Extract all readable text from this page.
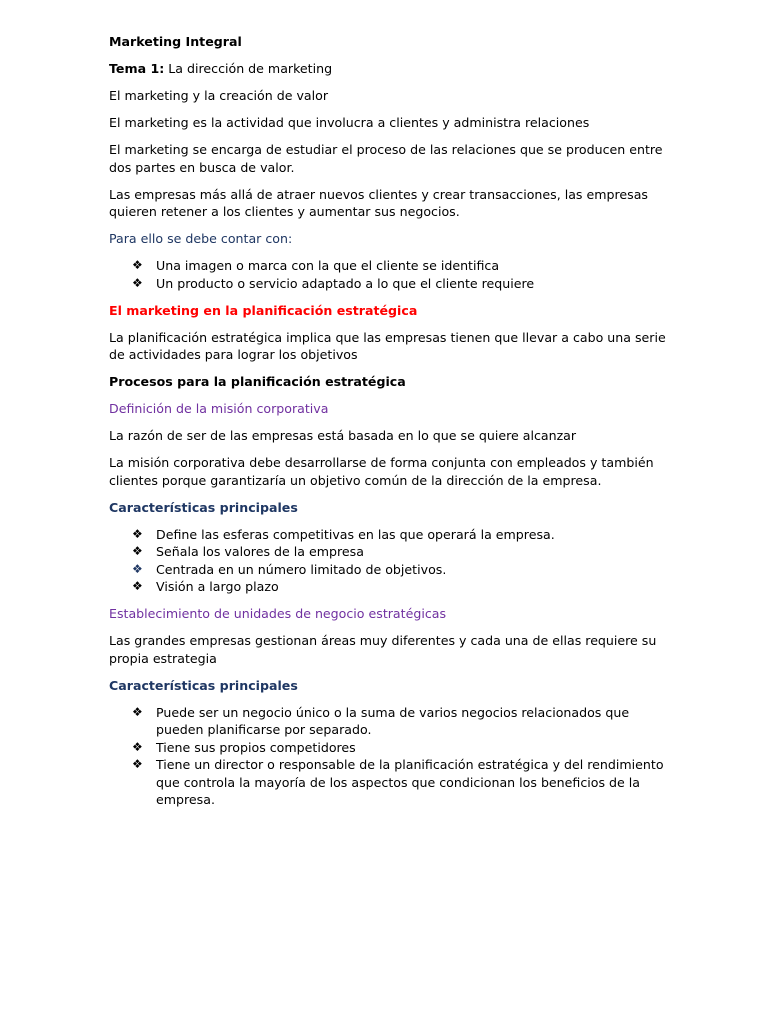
Marketing Integral

Tema 1: La dirección de marketing

El marketing y la creación de valor

El marketing es la actividad que involucra a clientes y administra relaciones

El marketing se encarga de estudiar el proceso de las relaciones que se producen entre dos partes en busca de valor.

Las empresas más allá de atraer nuevos clientes y crear transacciones, las empresas quieren retener a los clientes y aumentar sus negocios.

Para ello se debe contar con:

❖ Una imagen o marca con la que el cliente se identifica
❖ Un producto o servicio adaptado a lo que el cliente requiere

El marketing en la planificación estratégica

La planificación estratégica implica que las empresas tienen que llevar a cabo una serie de actividades para lograr los objetivos

Procesos para la planificación estratégica

Definición de la misión corporativa

La razón de ser de las empresas está basada en lo que se quiere alcanzar

La misión corporativa debe desarrollarse de forma conjunta con empleados y también clientes porque garantizaría un objetivo común de la dirección de la empresa.

Características principales

❖ Define las esferas competitivas en las que operará la empresa.
❖ Señala los valores de la empresa
❖ Centrada en un número limitado de objetivos.
❖ Visión a largo plazo

Establecimiento de unidades de negocio estratégicas

Las grandes empresas gestionan áreas muy diferentes y cada una de ellas requiere su propia estrategia

Características principales

❖ Puede ser un negocio único o la suma de varios negocios relacionados que pueden planificarse por separado.
❖ Tiene sus propios competidores
❖ Tiene un director o responsable de la planificación estratégica y del rendimiento que controla la mayoría de los aspectos que condicionan los beneficios de la empresa.
